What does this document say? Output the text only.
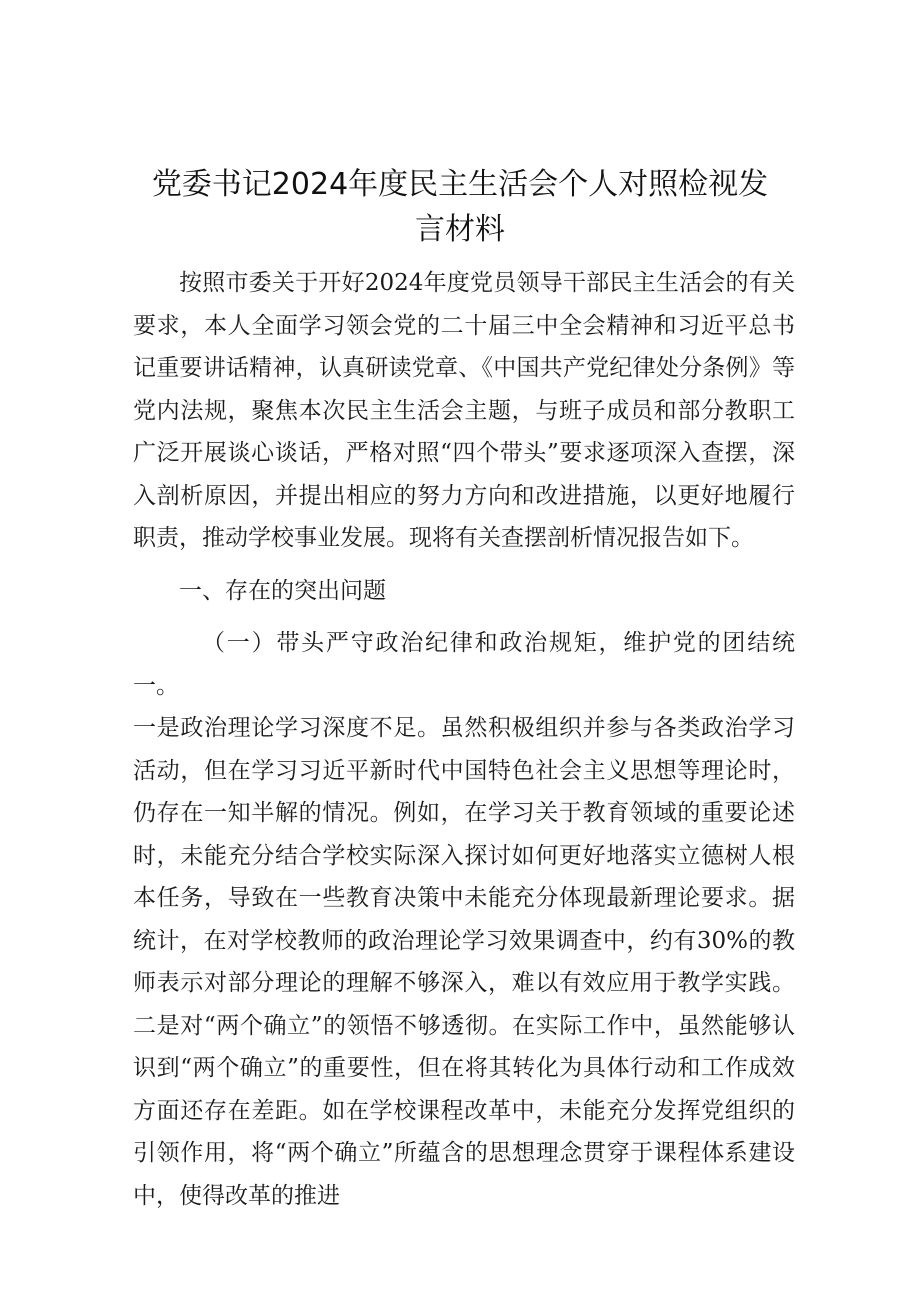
党委书记2024年度民主生活会个人对照检视发
言材料

按照市委关于开好2024年度党员领导干部民主生活会的有关要求，本人全面学习领会党的二十届三中全会精神和习近平总书记重要讲话精神，认真研读党章、《中国共产党纪律处分条例》等党内法规，聚焦本次民主生活会主题，与班子成员和部分教职工广泛开展谈心谈话，严格对照“四个带头”要求逐项深入查摆，深入剖析原因，并提出相应的努力方向和改进措施，以更好地履行职责，推动学校事业发展。现将有关查摆剖析情况报告如下。

一、存在的突出问题

（一）带头严守政治纪律和政治规矩，维护党的团结统一。

一是政治理论学习深度不足。虽然积极组织并参与各类政治学习活动，但在学习习近平新时代中国特色社会主义思想等理论时，仍存在一知半解的情况。例如，在学习关于教育领域的重要论述时，未能充分结合学校实际深入探讨如何更好地落实立德树人根本任务，导致在一些教育决策中未能充分体现最新理论要求。据统计，在对学校教师的政治理论学习效果调查中，约有30%的教师表示对部分理论的理解不够深入，难以有效应用于教学实践。二是对“两个确立”的领悟不够透彻。在实际工作中，虽然能够认识到“两个确立”的重要性，但在将其转化为具体行动和工作成效方面还存在差距。如在学校课程改革中，未能充分发挥党组织的引领作用，将“两个确立”所蕴含的思想理念贯穿于课程体系建设中，使得改革的推进
